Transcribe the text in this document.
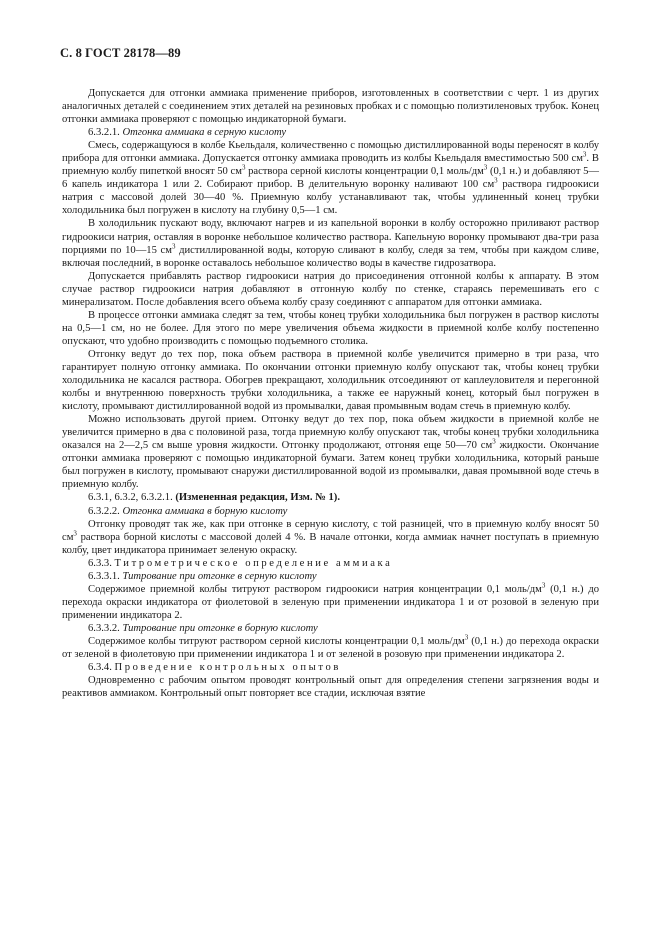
С. 8 ГОСТ 28178—89

Допускается для отгонки аммиака применение приборов, изготовленных в соответствии с черт. 1 из других аналогичных деталей с соединением этих деталей на резиновых пробках и с помощью полиэтиленовых трубок. Конец отгонки аммиака проверяют с помощью индикаторной бумаги.

6.3.2.1. Отгонка аммиака в серную кислоту

Смесь, содержащуюся в колбе Кьельдаля, количественно с помощью дистиллированной воды переносят в колбу прибора для отгонки аммиака. Допускается отгонку аммиака проводить из колбы Кьельдаля вместимостью 500 $см^3$. В приемную колбу пипеткой вносят 50 $см^3$ раствора серной кислоты концентрации 0,1 моль/$дм^3$ (0,1 н.) и добавляют 5—6 капель индикатора 1 или 2. Собирают прибор. В делительную воронку наливают 100 $см^3$ раствора гидроокиси натрия с массовой долей 30—40 %. Приемную колбу устанавливают так, чтобы удлиненный конец трубки холодильника был погружен в кислоту на глубину 0,5—1 см.

В холодильник пускают воду, включают нагрев и из капельной воронки в колбу осторожно приливают раствор гидроокиси натрия, оставляя в воронке небольшое количество раствора. Капельную воронку промывают два-три раза порциями по 10—15 $см^3$ дистиллированной воды, которую сливают в колбу, следя за тем, чтобы при каждом сливе, включая последний, в воронке оставалось небольшое количество воды в качестве гидрозатвора.

Допускается прибавлять раствор гидроокиси натрия до присоединения отгонной колбы к аппарату. В этом случае раствор гидроокиси натрия добавляют в отгонную колбу по стенке, стараясь перемешивать его с минерализатом. После добавления всего объема колбу сразу соединяют с аппаратом для отгонки аммиака.

В процессе отгонки аммиака следят за тем, чтобы конец трубки холодильника был погружен в раствор кислоты на 0,5—1 см, но не более. Для этого по мере увеличения объема жидкости в приемной колбе колбу постепенно опускают, что удобно производить с помощью подъемного столика.

Отгонку ведут до тех пор, пока объем раствора в приемной колбе увеличится примерно в три раза, что гарантирует полную отгонку аммиака. По окончании отгонки приемную колбу опускают так, чтобы конец трубки холодильника не касался раствора. Обогрев прекращают, холодильник отсоединяют от каплеуловителя и перегонной колбы и внутреннюю поверхность трубки холодильника, а также ее наружный конец, который был погружен в кислоту, промывают дистиллированной водой из промывалки, давая промывным водам стечь в приемную колбу.

Можно использовать другой прием. Отгонку ведут до тех пор, пока объем жидкости в приемной колбе не увеличится примерно в два с половиной раза, тогда приемную колбу опускают так, чтобы конец трубки холодильника оказался на 2—2,5 см выше уровня жидкости. Отгонку продолжают, отгоняя еще 50—70 $см^3$ жидкости. Окончание отгонки аммиака проверяют с помощью индикаторной бумаги. Затем конец трубки холодильника, который раньше был погружен в кислоту, промывают снаружи дистиллированной водой из промывалки, давая промывной воде стечь в приемную колбу.

6.3.1, 6.3.2, 6.3.2.1. (Измененная редакция, Изм. № 1).

6.3.2.2. Отгонка аммиака в борную кислоту

Отгонку проводят так же, как при отгонке в серную кислоту, с той разницей, что в приемную колбу вносят 50 $см^3$ раствора борной кислоты с массовой долей 4 %. В начале отгонки, когда аммиак начнет поступать в приемную колбу, цвет индикатора принимает зеленую окраску.

6.3.3. Титрометрическое определение аммиака

6.3.3.1. Титрование при отгонке в серную кислоту

Содержимое приемной колбы титруют раствором гидроокиси натрия концентрации 0,1 моль/$дм^3$ (0,1 н.) до перехода окраски индикатора от фиолетовой в зеленую при применении индикатора 1 и от розовой в зеленую при применении индикатора 2.

6.3.3.2. Титрование при отгонке в борную кислоту

Содержимое колбы титруют раствором серной кислоты концентрации 0,1 моль/$дм^3$ (0,1 н.) до перехода окраски от зеленой в фиолетовую при применении индикатора 1 и от зеленой в розовую при применении индикатора 2.

6.3.4. Проведение контрольных опытов

Одновременно с рабочим опытом проводят контрольный опыт для определения степени загрязнения воды и реактивов аммиаком. Контрольный опыт повторяет все стадии, исключая взятие
